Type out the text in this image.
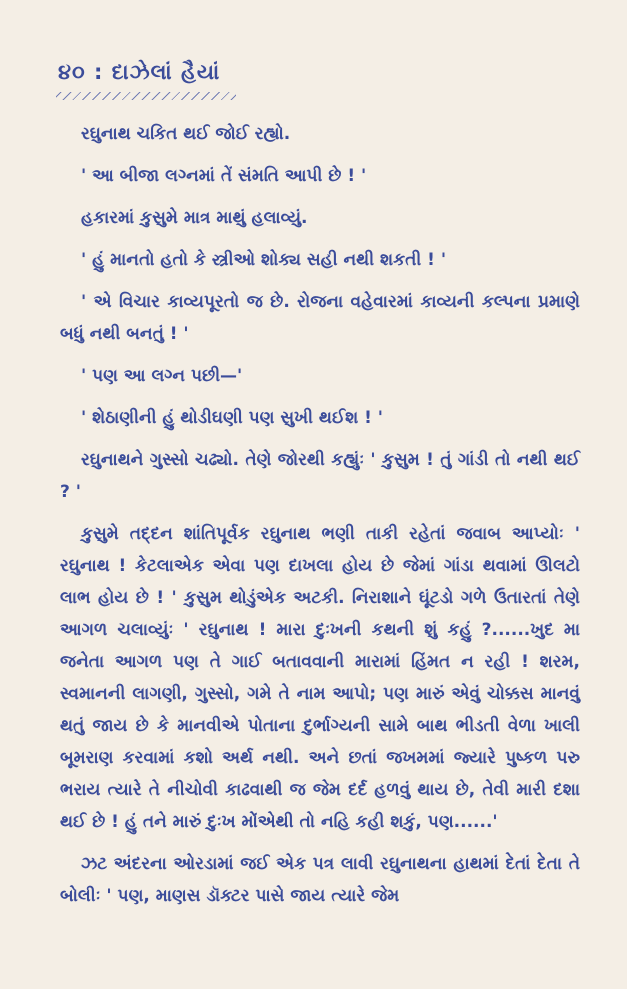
૪૦ : દાઝેલાં હૈયાં

રઘુનાથ ચકિત થઈ જોઈ રહ્યો.

' આ બીજા લગ્નમાં તેં સંમતિ આપી છે ! '

હકારમાં કુસુમે માત્ર માથું હલાવ્યું.

' હું માનતો હતો કે સ્ત્રીઓ શોક્ય સહી નથી શકતી ! '

' એ વિચાર કાવ્યપૂરતો જ છે. રોજના વહેવારમાં કાવ્યની કલ્પના પ્રમાણે બધું નથી બનતું ! '

' પણ આ લગ્ન પછી—'

' શેઠાણીની હું થોડીઘણી પણ સુખી થઈશ ! '

રઘુનાથને ગુસ્સો ચઢ્યો. તેણે જોરથી કહ્યુંઃ ' કુસુમ ! તું ગાંડી તો નથી થઈ ? '

કુસુમે તદ્દન શાંતિપૂર્વક રઘુનાથ ભણી તાકી રહેતાં જવાબ આપ્યોઃ ' રઘુનાથ ! કેટલાએક એવા પણ દાખલા હોય છે જેમાં ગાંડા થવામાં ઊલટો લાભ હોય છે ! ' કુસુમ થોડુંએક અટકી. નિરાશાને ઘૂંટડો ગળે ઉતારતાં તેણે આગળ ચલાવ્યુંઃ ' રઘુનાથ ! મારા દુઃખની કથની શું કહું ?......ખુદ મા જનેતા આગળ પણ તે ગાઈ બતાવવાની મારામાં હિંમત ન રહી ! શરમ, સ્વમાનની લાગણી, ગુસ્સો, ગમે તે નામ આપો; પણ મારું એવું ચોક્કસ માનવું થતું જાય છે કે માનવીએ પોતાના દુર્ભાગ્યની સામે બાથ ભીડતી વેળા ખાલી બૂમરાણ કરવામાં કશો અર્થ નથી. અને છતાં જખમમાં જ્યારે પુષ્કળ પરુ ભરાય ત્યારે તે નીચોવી કાઢવાથી જ જેમ દર્દ હળવું થાય છે, તેવી મારી દશા થઈ છે ! હું તને મારું દુઃખ મોંએથી તો નહિ કહી શકું, પણ......'

ઝટ અંદરના ઓરડામાં જઈ એક પત્ર લાવી રઘુનાથના હાથમાં દેતાં દેતા તે બોલીઃ ' પણ, માણસ ડૉક્ટર પાસે જાય ત્યારે જેમ
